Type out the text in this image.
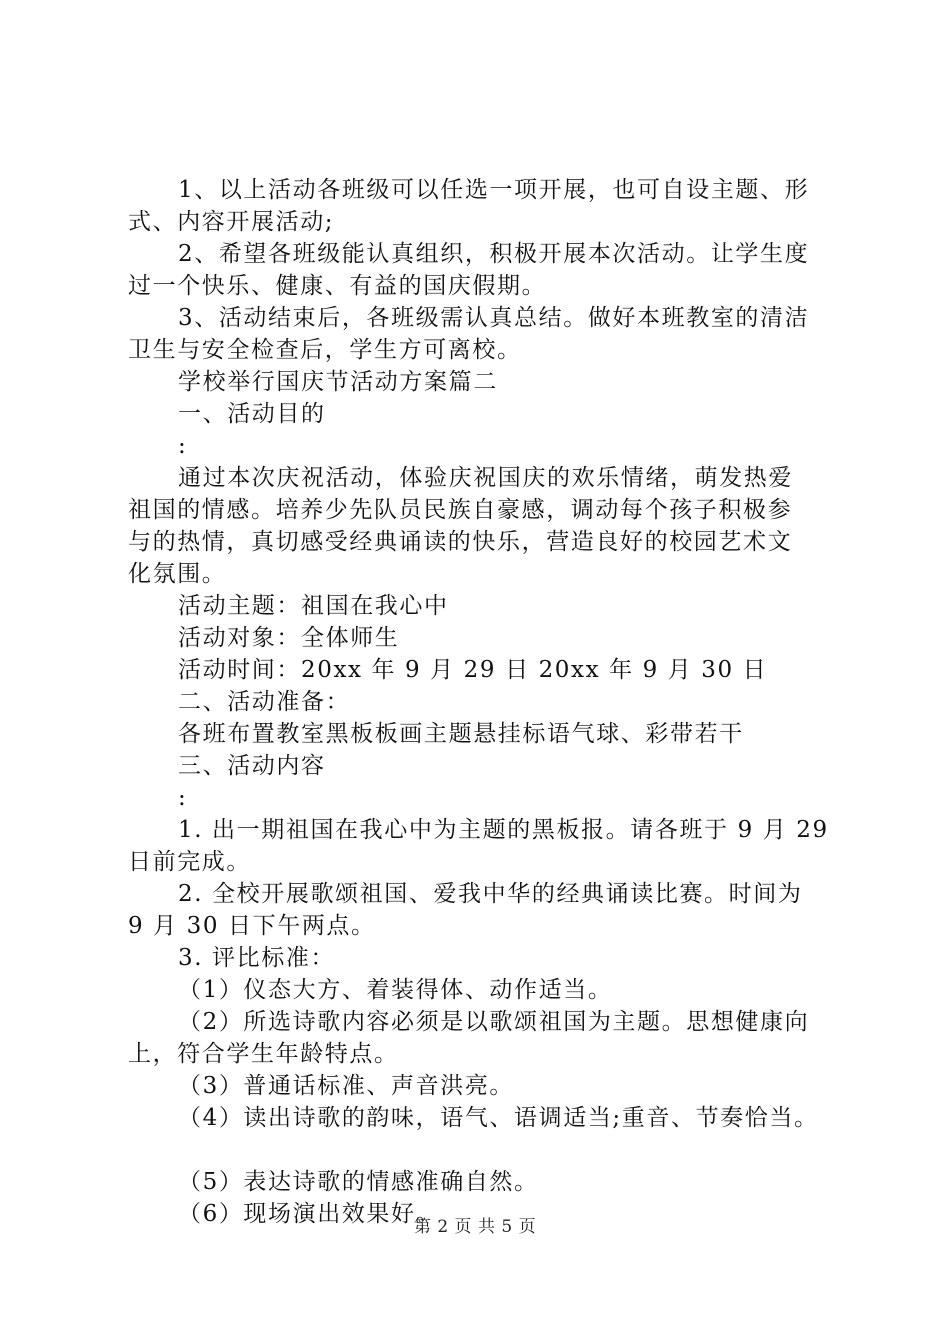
1、以上活动各班级可以任选一项开展，也可自设主题、形
式、内容开展活动;
2、希望各班级能认真组织，积极开展本次活动。让学生度
过一个快乐、健康、有益的国庆假期。
3、活动结束后，各班级需认真总结。做好本班教室的清洁
卫生与安全检查后，学生方可离校。
学校举行国庆节活动方案篇二
一、活动目的
:
通过本次庆祝活动，体验庆祝国庆的欢乐情绪，萌发热爱
祖国的情感。培养少先队员民族自豪感，调动每个孩子积极参
与的热情，真切感受经典诵读的快乐，营造良好的校园艺术文
化氛围。
活动主题：祖国在我心中
活动对象：全体师生
活动时间：20xx 年 9 月 29 日 20xx 年 9 月 30 日
二、活动准备：
各班布置教室黑板板画主题悬挂标语气球、彩带若干
三、活动内容
:
1. 出一期祖国在我心中为主题的黑板报。请各班于 9 月 29
日前完成。
2. 全校开展歌颂祖国、爱我中华的经典诵读比赛。时间为
9 月 30 日下午两点。
3. 评比标准：
（1）仪态大方、着装得体、动作适当。
（2）所选诗歌内容必须是以歌颂祖国为主题。思想健康向
上，符合学生年龄特点。
（3）普通话标准、声音洪亮。
（4）读出诗歌的韵味，语气、语调适当;重音、节奏恰当。
（5）表达诗歌的情感准确自然。
（6）现场演出效果好。
第 2 页 共 5 页
